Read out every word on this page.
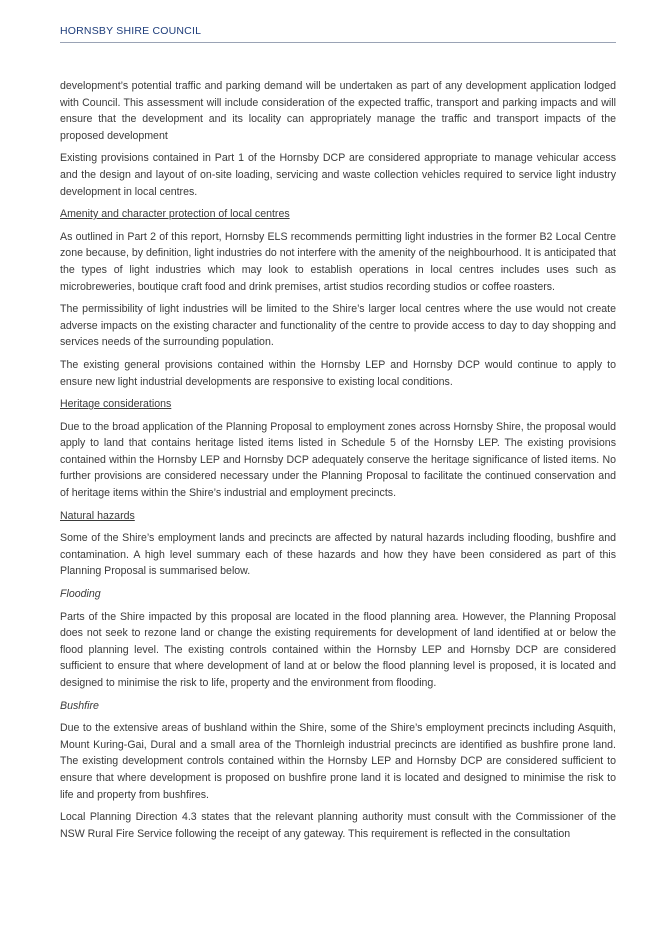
HORNSBY SHIRE COUNCIL

development’s potential traffic and parking demand will be undertaken as part of any development application lodged with Council. This assessment will include consideration of the expected traffic, transport and parking impacts and will ensure that the development and its locality can appropriately manage the traffic and transport impacts of the proposed development

Existing provisions contained in Part 1 of the Hornsby DCP are considered appropriate to manage vehicular access and the design and layout of on-site loading, servicing and waste collection vehicles required to service light industry development in local centres.

Amenity and character protection of local centres

As outlined in Part 2 of this report, Hornsby ELS recommends permitting light industries in the former B2 Local Centre zone because, by definition, light industries do not interfere with the amenity of the neighbourhood. It is anticipated that the types of light industries which may look to establish operations in local centres includes uses such as microbreweries, boutique craft food and drink premises, artist studios recording studios or coffee roasters.

The permissibility of light industries will be limited to the Shire’s larger local centres where the use would not create adverse impacts on the existing character and functionality of the centre to provide access to day to day shopping and services needs of the surrounding population.

The existing general provisions contained within the Hornsby LEP and Hornsby DCP would continue to apply to ensure new light industrial developments are responsive to existing local conditions.

Heritage considerations

Due to the broad application of the Planning Proposal to employment zones across Hornsby Shire, the proposal would apply to land that contains heritage listed items listed in Schedule 5 of the Hornsby LEP. The existing provisions contained within the Hornsby LEP and Hornsby DCP adequately conserve the heritage significance of listed items. No further provisions are considered necessary under the Planning Proposal to facilitate the continued conservation and of heritage items within the Shire’s industrial and employment precincts.

Natural hazards

Some of the Shire’s employment lands and precincts are affected by natural hazards including flooding, bushfire and contamination. A high level summary each of these hazards and how they have been considered as part of this Planning Proposal is summarised below.

Flooding

Parts of the Shire impacted by this proposal are located in the flood planning area. However, the Planning Proposal does not seek to rezone land or change the existing requirements for development of land identified at or below the flood planning level. The existing controls contained within the Hornsby LEP and Hornsby DCP are considered sufficient to ensure that where development of land at or below the flood planning level is proposed, it is located and designed to minimise the risk to life, property and the environment from flooding.

Bushfire

Due to the extensive areas of bushland within the Shire, some of the Shire’s employment precincts including Asquith, Mount Kuring-Gai, Dural and a small area of the Thornleigh industrial precincts are identified as bushfire prone land. The existing development controls contained within the Hornsby LEP and Hornsby DCP are considered sufficient to ensure that where development is proposed on bushfire prone land it is located and designed to minimise the risk to life and property from bushfires.

Local Planning Direction 4.3 states that the relevant planning authority must consult with the Commissioner of the NSW Rural Fire Service following the receipt of any gateway. This requirement is reflected in the consultation
